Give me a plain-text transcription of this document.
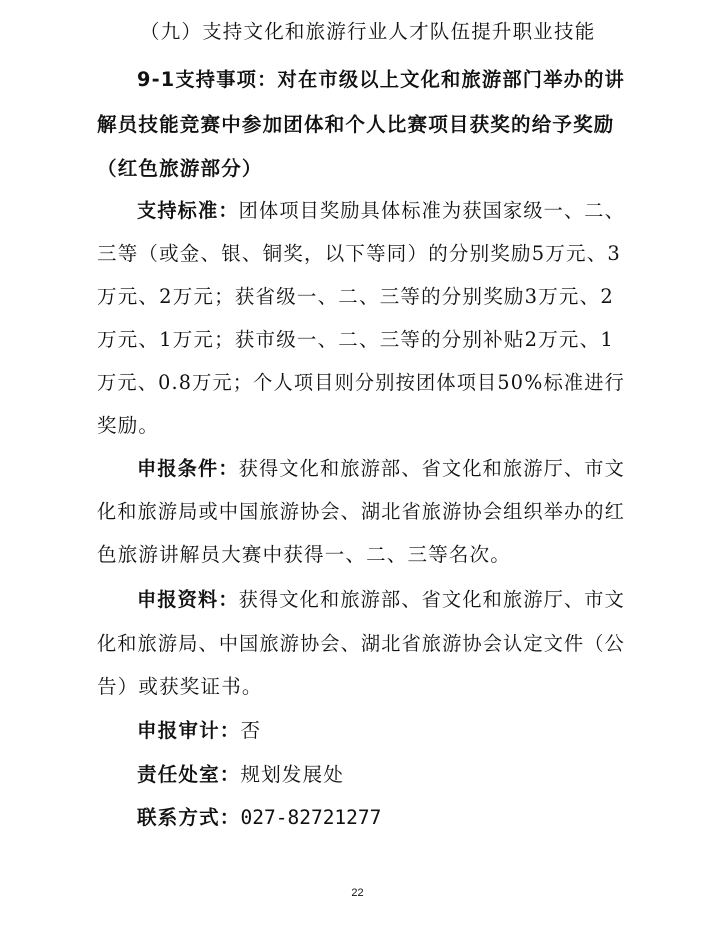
（九）支持文化和旅游行业人才队伍提升职业技能
9-1支持事项：对在市级以上文化和旅游部门举办的讲
解员技能竞赛中参加团体和个人比赛项目获奖的给予奖励
（红色旅游部分）
支持标准：团体项目奖励具体标准为获国家级一、二、
三等（或金、银、铜奖，以下等同）的分别奖励5万元、3
万元、2万元；获省级一、二、三等的分别奖励3万元、2
万元、1万元；获市级一、二、三等的分别补贴2万元、1
万元、0.8万元；个人项目则分别按团体项目50%标准进行
奖励。
申报条件：获得文化和旅游部、省文化和旅游厅、市文
化和旅游局或中国旅游协会、湖北省旅游协会组织举办的红
色旅游讲解员大赛中获得一、二、三等名次。
申报资料：获得文化和旅游部、省文化和旅游厅、市文
化和旅游局、中国旅游协会、湖北省旅游协会认定文件（公
告）或获奖证书。
申报审计：否
责任处室：规划发展处
联系方式：027-82721277
22
